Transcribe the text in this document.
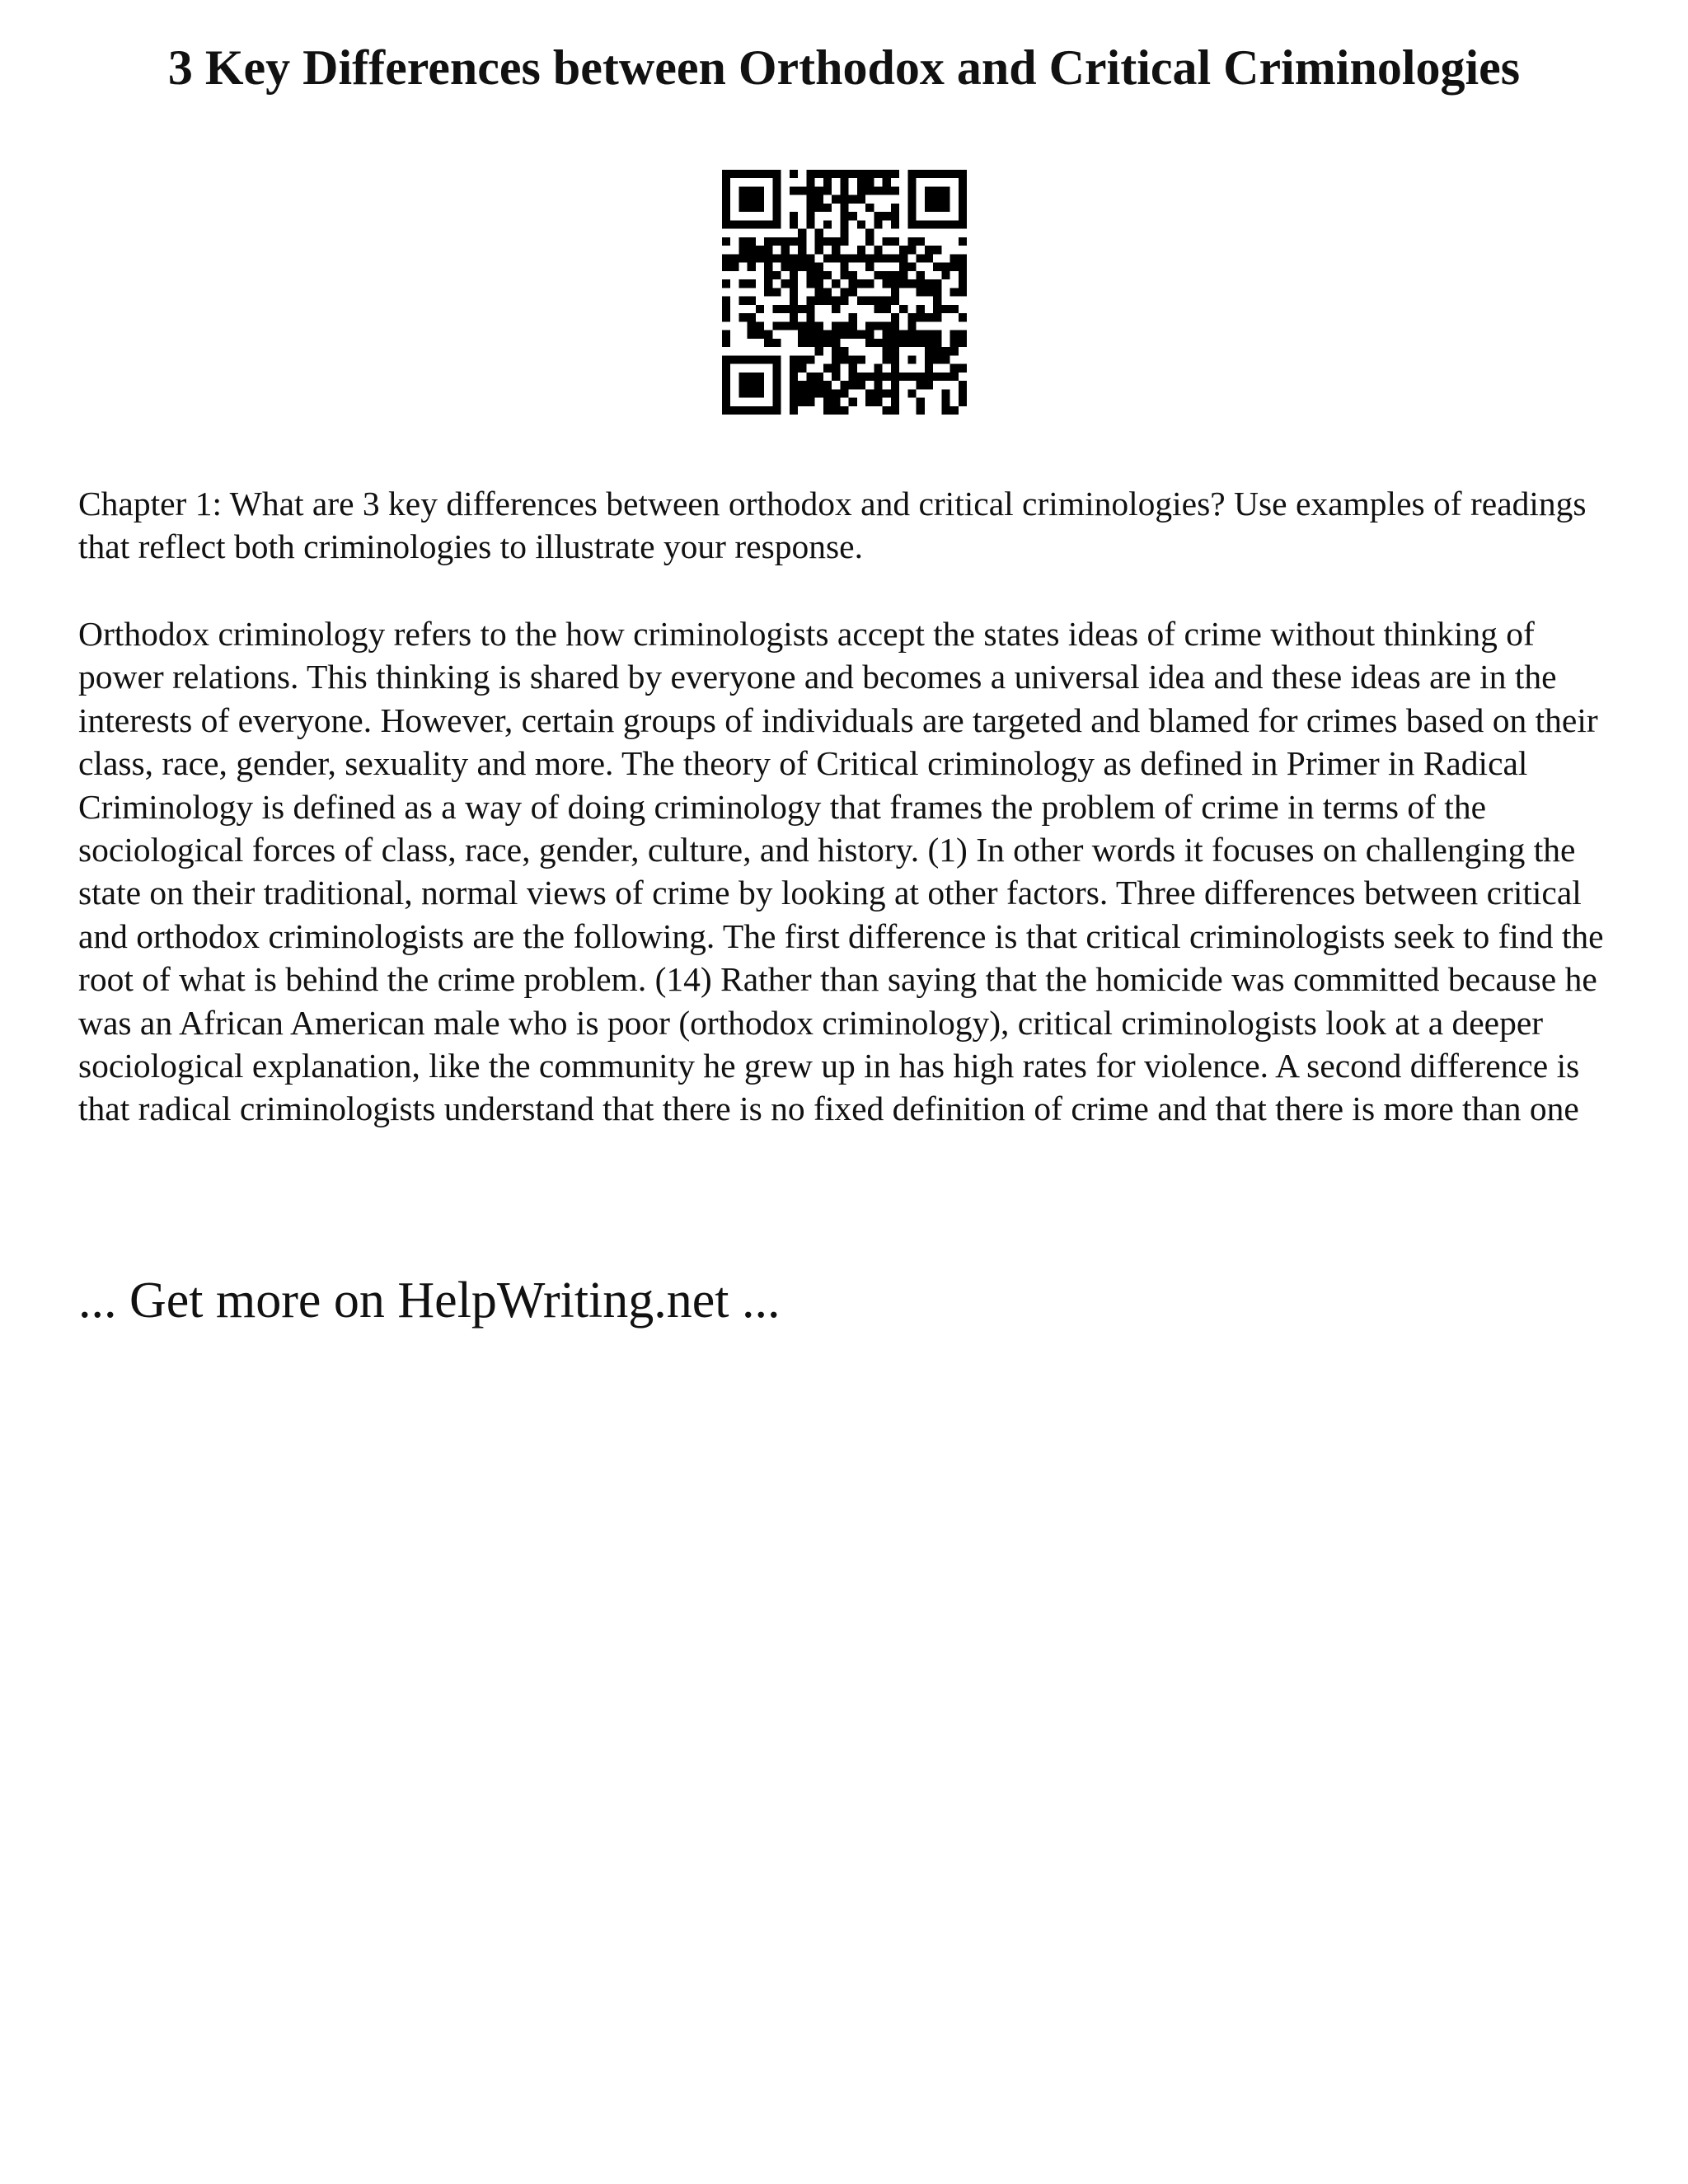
3 Key Differences between Orthodox and Critical Criminologies

Chapter 1: What are 3 key differences between orthodox and critical criminologies? Use examples of readings that reflect both criminologies to illustrate your response.

Orthodox criminology refers to the how criminologists accept the states ideas of crime without thinking of power relations. This thinking is shared by everyone and becomes a universal idea and these ideas are in the interests of everyone. However, certain groups of individuals are targeted and blamed for crimes based on their class, race, gender, sexuality and more. The theory of Critical criminology as defined in Primer in Radical Criminology is defined as a way of doing criminology that frames the problem of crime in terms of the sociological forces of class, race, gender, culture, and history. (1) In other words it focuses on challenging the state on their traditional, normal views of crime by looking at other factors. Three differences between critical and orthodox criminologists are the following. The first difference is that critical criminologists seek to find the root of what is behind the crime problem. (14) Rather than saying that the homicide was committed because he was an African American male who is poor (orthodox criminology), critical criminologists look at a deeper sociological explanation, like the community he grew up in has high rates for violence. A second difference is that radical criminologists understand that there is no fixed definition of crime and that there is more than one

... Get more on HelpWriting.net ...
